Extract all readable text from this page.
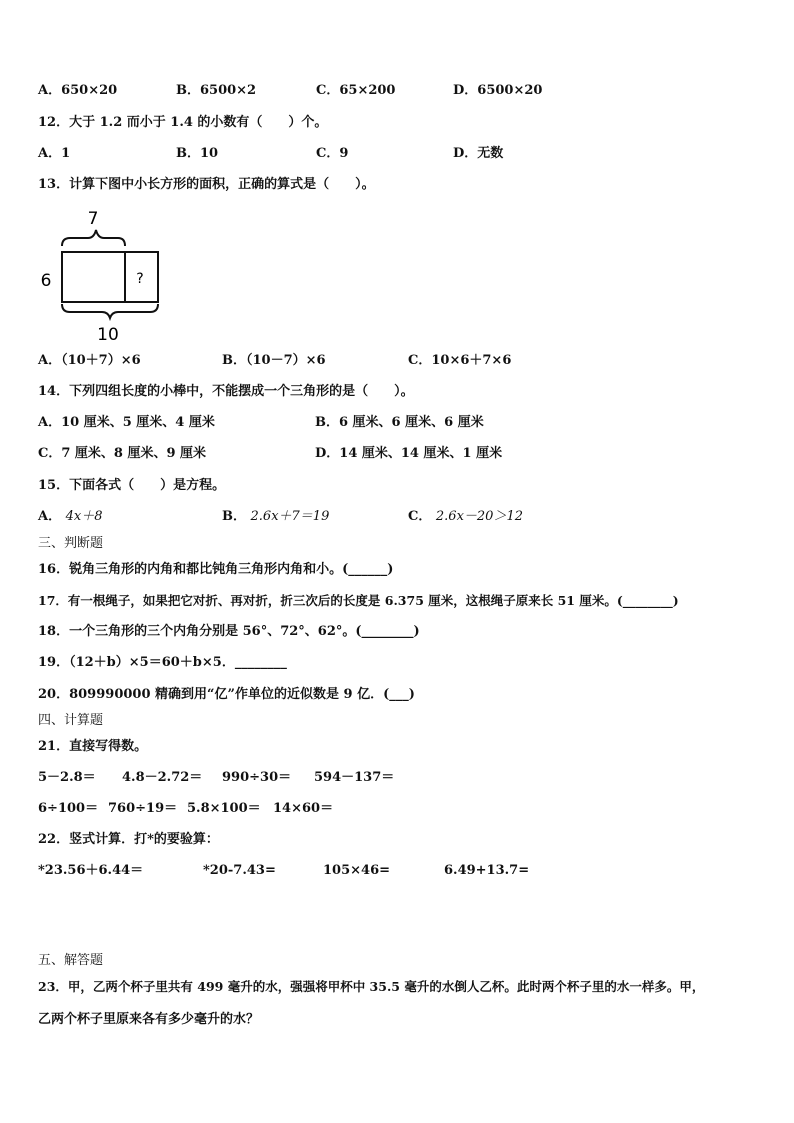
A．650×20	B．6500×2	C．65×200	D．6500×20
12．大于 1.2 而小于 1.4 的小数有（　　）个。
A．1	B．10	C．9	D．无数
13．计算下图中小长方形的面积，正确的算式是（　　）。
7
6	?
10
A．（10＋7）×6	B．（10－7）×6	C．10×6＋7×6
14．下列四组长度的小棒中，不能摆成一个三角形的是（　　）。
A．10 厘米、5 厘米、4 厘米	B．6 厘米、6 厘米、6 厘米
C．7 厘米、8 厘米、9 厘米	D．14 厘米、14 厘米、1 厘米
15．下面各式（　　）是方程。
A． 4x＋8	B． 2.6x＋7＝19	C． 2.6x－20＞12
三、判断题
16．锐角三角形的内角和都比钝角三角形内角和小。(______)
17．有一根绳子，如果把它对折、再对折，折三次后的长度是 6.375 厘米，这根绳子原来长 51 厘米。(________)
18．一个三角形的三个内角分别是 56°、72°、62°。(________)
19．（12＋b）×5＝60＋b×5．________
20．809990000 精确到用“亿”作单位的近似数是 9 亿．(___)
四、计算题
21．直接写得数。
5－2.8＝ 4.8－2.72＝ 990÷30＝ 594－137＝
6÷100＝ 760÷19＝ 5.8×100＝ 14×60＝
22．竖式计算．打*的要验算：
*23.56＋6.44＝	*20-7.43=	105×46=	6.49+13.7=
五、解答题
23．甲，乙两个杯子里共有 499 毫升的水，强强将甲杯中 35.5 毫升的水倒人乙杯。此时两个杯子里的水一样多。甲，
乙两个杯子里原来各有多少毫升的水？
